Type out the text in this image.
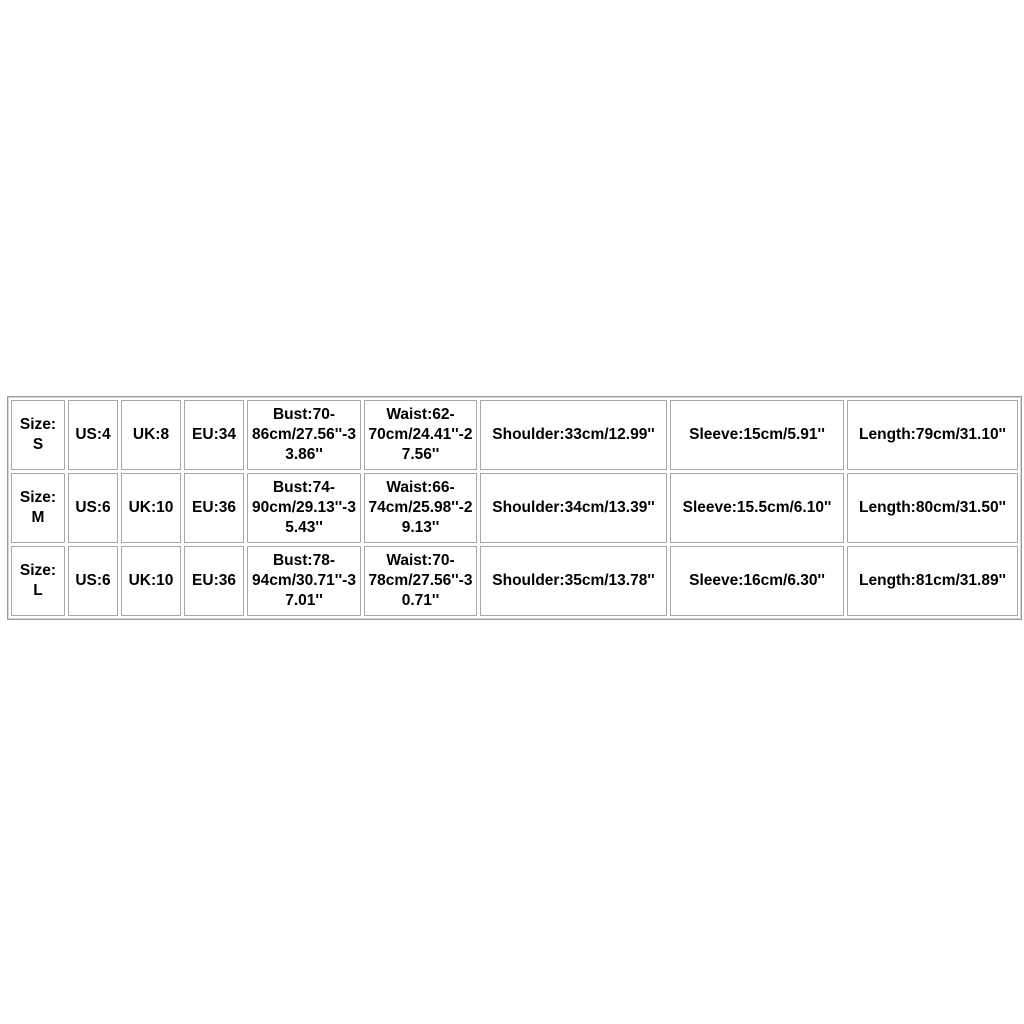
Size: S	US:4	UK:8	EU:34	Bust:70-86cm/27.56''-33.86''	Waist:62-70cm/24.41''-27.56''	Shoulder:33cm/12.99''	Sleeve:15cm/5.91''	Length:79cm/31.10''
Size: M	US:6	UK:10	EU:36	Bust:74-90cm/29.13''-35.43''	Waist:66-74cm/25.98''-29.13''	Shoulder:34cm/13.39''	Sleeve:15.5cm/6.10''	Length:80cm/31.50''
Size: L	US:6	UK:10	EU:36	Bust:78-94cm/30.71''-37.01''	Waist:70-78cm/27.56''-30.71''	Shoulder:35cm/13.78''	Sleeve:16cm/6.30''	Length:81cm/31.89''
